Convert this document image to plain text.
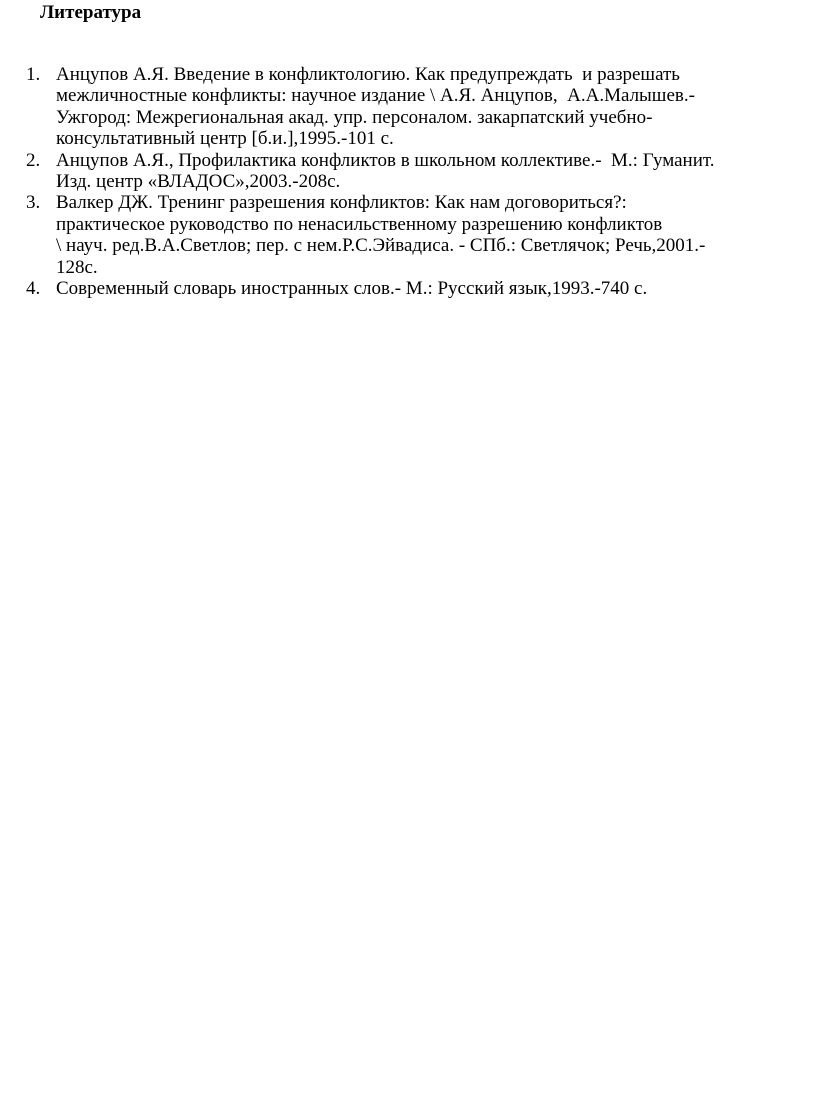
Литература
1. Анцупов А.Я. Введение в конфликтологию. Как предупреждать  и разрешать
межличностные конфликты: научное издание \ А.Я. Анцупов,  А.А.Малышев.-
Ужгород: Межрегиональная акад. упр. персоналом. закарпатский учебно-
консультативный центр [б.и.],1995.-101 с.
2. Анцупов А.Я., Профилактика конфликтов в школьном коллективе.-  М.: Гуманит.
Изд. центр «ВЛАДОС»,2003.-208с.
3. Валкер ДЖ. Тренинг разрешения конфликтов: Как нам договориться?:
практическое руководство по ненасильственному разрешению конфликтов
\ науч. ред.В.А.Светлов; пер. с нем.Р.С.Эйвадиса. - СПб.: Светлячок; Речь,2001.-
128с.
4. Современный словарь иностранных слов.- М.: Русский язык,1993.-740 с.
